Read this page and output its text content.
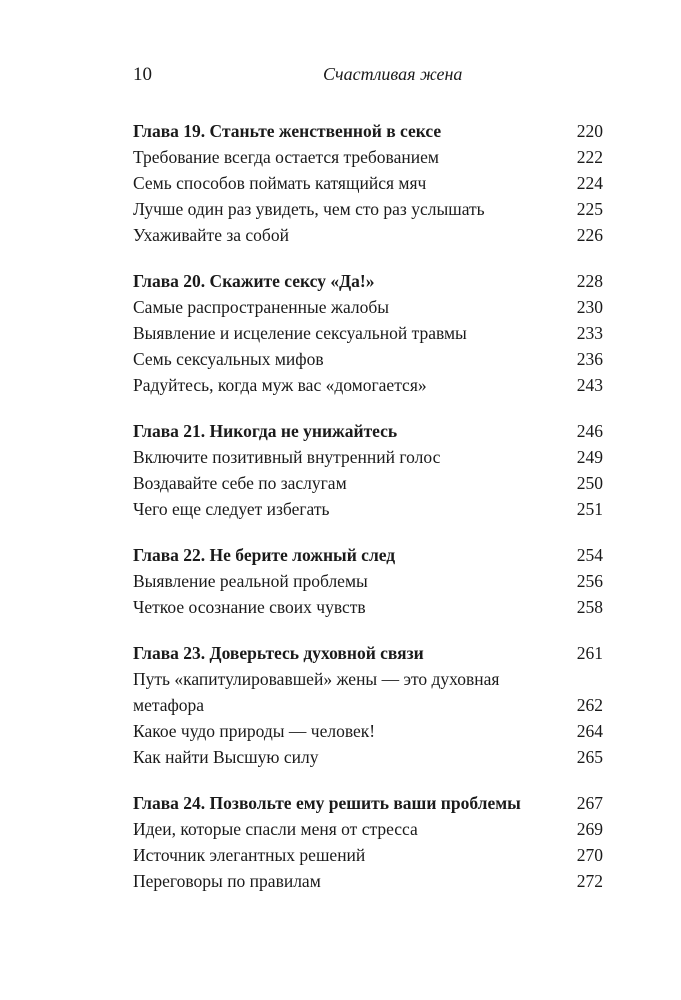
10	Счастливая жена
Глава 19. Станьте женственной в сексе	220
Требование всегда остается требованием	222
Семь способов поймать катящийся мяч	224
Лучше один раз увидеть, чем сто раз услышать	225
Ухаживайте за собой	226
Глава 20. Скажите сексу «Да!»	228
Самые распространенные жалобы	230
Выявление и исцеление сексуальной травмы	233
Семь сексуальных мифов	236
Радуйтесь, когда муж вас «домогается»	243
Глава 21. Никогда не унижайтесь	246
Включите позитивный внутренний голос	249
Воздавайте себе по заслугам	250
Чего еще следует избегать	251
Глава 22. Не берите ложный след	254
Выявление реальной проблемы	256
Четкое осознание своих чувств	258
Глава 23. Доверьтесь духовной связи	261
Путь «капитулировавшей» жены — это духовная метафора	262
Какое чудо природы — человек!	264
Как найти Высшую силу	265
Глава 24. Позвольте ему решить ваши проблемы	267
Идеи, которые спасли меня от стресса	269
Источник элегантных решений	270
Переговоры по правилам	272
